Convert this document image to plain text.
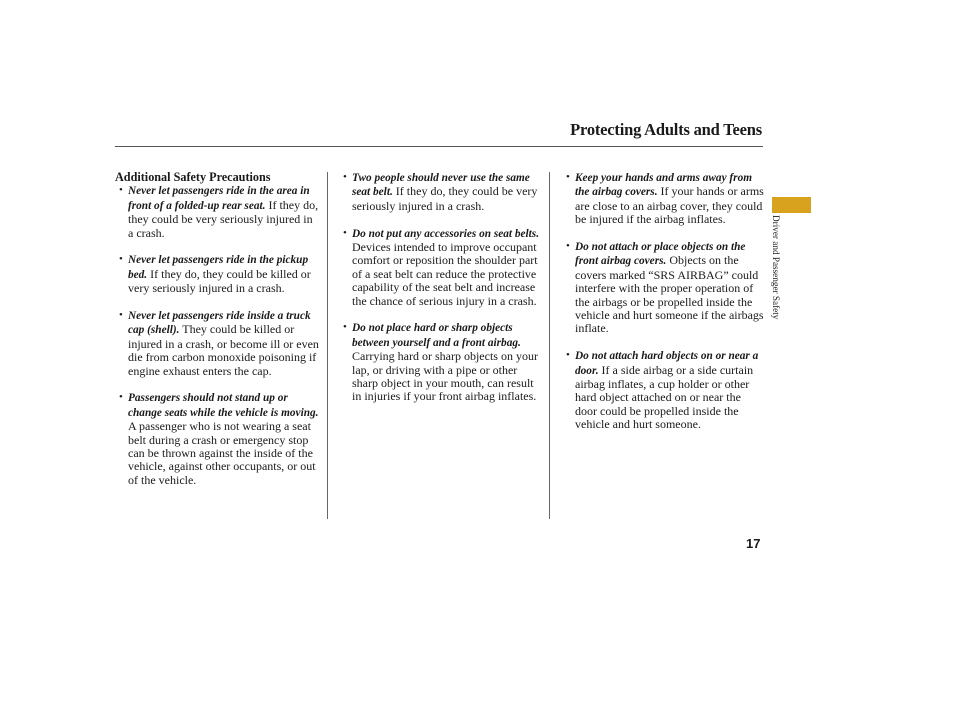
Protecting Adults and Teens
Additional Safety Precautions
• Never let passengers ride in the area in front of a folded-up rear seat. If they do, they could be very seriously injured in a crash.
• Never let passengers ride in the pickup bed. If they do, they could be killed or very seriously injured in a crash.
• Never let passengers ride inside a truck cap (shell). They could be killed or injured in a crash, or become ill or even die from carbon monoxide poisoning if engine exhaust enters the cap.
• Passengers should not stand up or change seats while the vehicle is moving. A passenger who is not wearing a seat belt during a crash or emergency stop can be thrown against the inside of the vehicle, against other occupants, or out of the vehicle.
• Two people should never use the same seat belt. If they do, they could be very seriously injured in a crash.
• Do not put any accessories on seat belts. Devices intended to improve occupant comfort or reposition the shoulder part of a seat belt can reduce the protective capability of the seat belt and increase the chance of serious injury in a crash.
• Do not place hard or sharp objects between yourself and a front airbag. Carrying hard or sharp objects on your lap, or driving with a pipe or other sharp object in your mouth, can result in injuries if your front airbag inflates.
• Keep your hands and arms away from the airbag covers. If your hands or arms are close to an airbag cover, they could be injured if the airbag inflates.
• Do not attach or place objects on the front airbag covers. Objects on the covers marked “SRS AIRBAG” could interfere with the proper operation of the airbags or be propelled inside the vehicle and hurt someone if the airbags inflate.
• Do not attach hard objects on or near a door. If a side airbag or a side curtain airbag inflates, a cup holder or other hard object attached on or near the door could be propelled inside the vehicle and hurt someone.
Driver and Passenger Safety
17
